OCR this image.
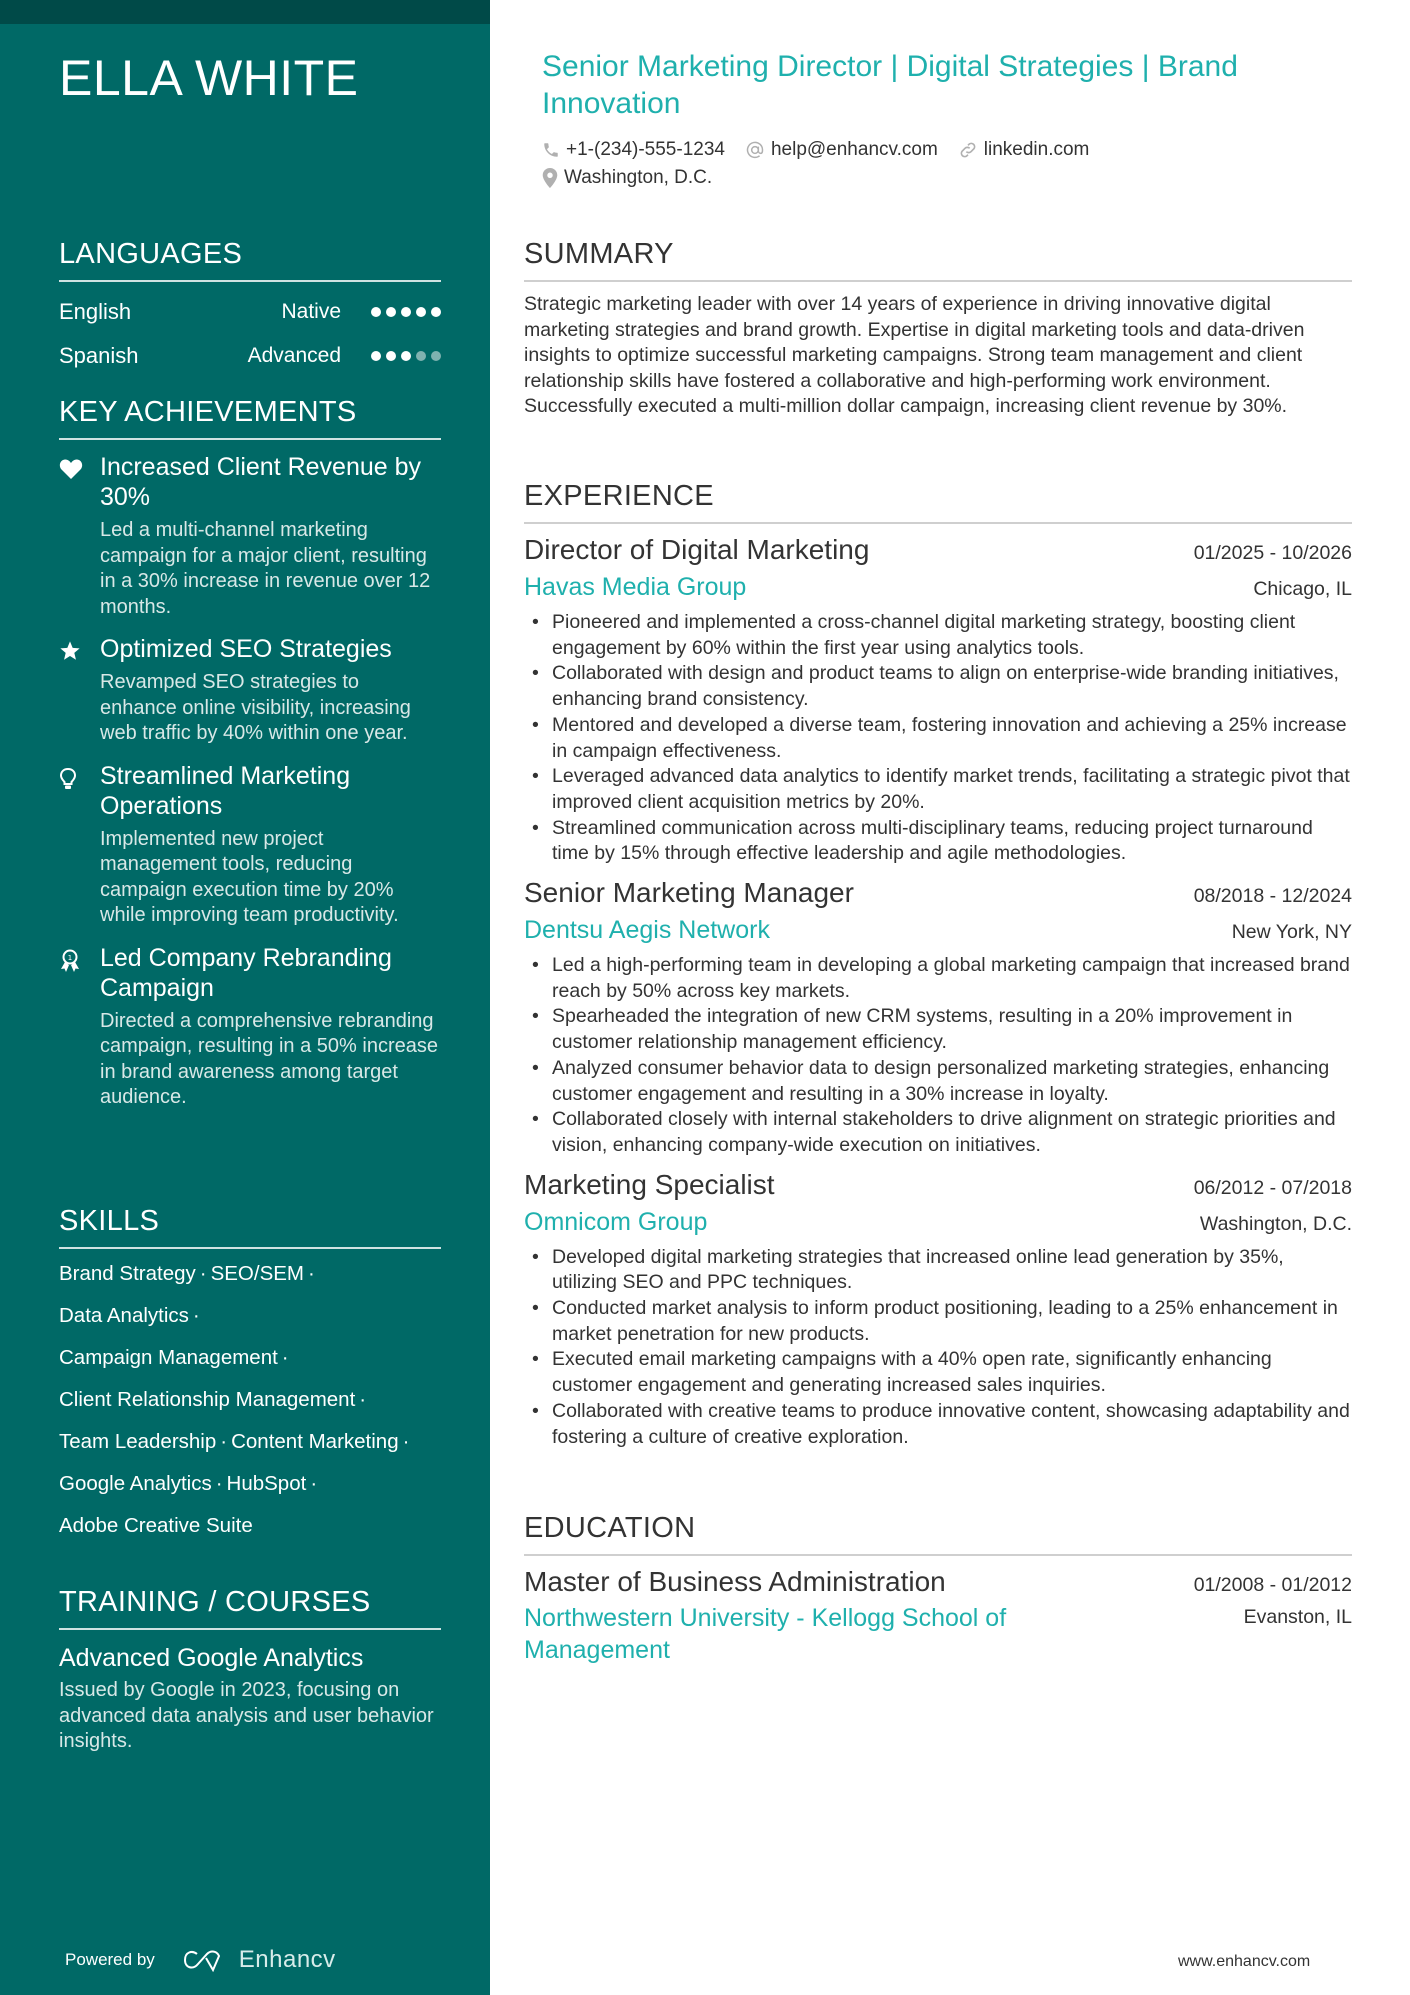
ELLA WHITE
LANGUAGES
English	Native
Spanish	Advanced
KEY ACHIEVEMENTS
Increased Client Revenue by 30%
Led a multi-channel marketing campaign for a major client, resulting in a 30% increase in revenue over 12 months.
Optimized SEO Strategies
Revamped SEO strategies to enhance online visibility, increasing web traffic by 40% within one year.
Streamlined Marketing Operations
Implemented new project management tools, reducing campaign execution time by 20% while improving team productivity.
1 Led Company Rebranding Campaign
Directed a comprehensive rebranding campaign, resulting in a 50% increase in brand awareness among target audience.
SKILLS
Brand Strategy · SEO/SEM ·
Data Analytics ·
Campaign Management ·
Client Relationship Management ·
Team Leadership · Content Marketing ·
Google Analytics · HubSpot ·
Adobe Creative Suite
TRAINING / COURSES
Advanced Google Analytics
Issued by Google in 2023, focusing on advanced data analysis and user behavior insights.
Powered by	Enhancv
Senior Marketing Director | Digital Strategies | Brand Innovation
+1-(234)-555-1234 help@enhancv.com linkedin.com
Washington, D.C.
SUMMARY
Strategic marketing leader with over 14 years of experience in driving innovative digital marketing strategies and brand growth. Expertise in digital marketing tools and data-driven insights to optimize successful marketing campaigns. Strong team management and client relationship skills have fostered a collaborative and high-performing work environment. Successfully executed a multi-million dollar campaign, increasing client revenue by 30%.
EXPERIENCE
Director of Digital Marketing	01/2025 - 10/2026
Havas Media Group	Chicago, IL
• Pioneered and implemented a cross-channel digital marketing strategy, boosting client engagement by 60% within the first year using analytics tools.
• Collaborated with design and product teams to align on enterprise-wide branding initiatives, enhancing brand consistency.
• Mentored and developed a diverse team, fostering innovation and achieving a 25% increase in campaign effectiveness.
• Leveraged advanced data analytics to identify market trends, facilitating a strategic pivot that improved client acquisition metrics by 20%.
• Streamlined communication across multi-disciplinary teams, reducing project turnaround time by 15% through effective leadership and agile methodologies.
Senior Marketing Manager	08/2018 - 12/2024
Dentsu Aegis Network	New York, NY
• Led a high-performing team in developing a global marketing campaign that increased brand reach by 50% across key markets.
• Spearheaded the integration of new CRM systems, resulting in a 20% improvement in customer relationship management efficiency.
• Analyzed consumer behavior data to design personalized marketing strategies, enhancing customer engagement and resulting in a 30% increase in loyalty.
• Collaborated closely with internal stakeholders to drive alignment on strategic priorities and vision, enhancing company-wide execution on initiatives.
Marketing Specialist	06/2012 - 07/2018
Omnicom Group	Washington, D.C.
• Developed digital marketing strategies that increased online lead generation by 35%, utilizing SEO and PPC techniques.
• Conducted market analysis to inform product positioning, leading to a 25% enhancement in market penetration for new products.
• Executed email marketing campaigns with a 40% open rate, significantly enhancing customer engagement and generating increased sales inquiries.
• Collaborated with creative teams to produce innovative content, showcasing adaptability and fostering a culture of creative exploration.
EDUCATION
Master of Business Administration	01/2008 - 01/2012
Northwestern University - Kellogg School of Management
Evanston, IL
www.enhancv.com
